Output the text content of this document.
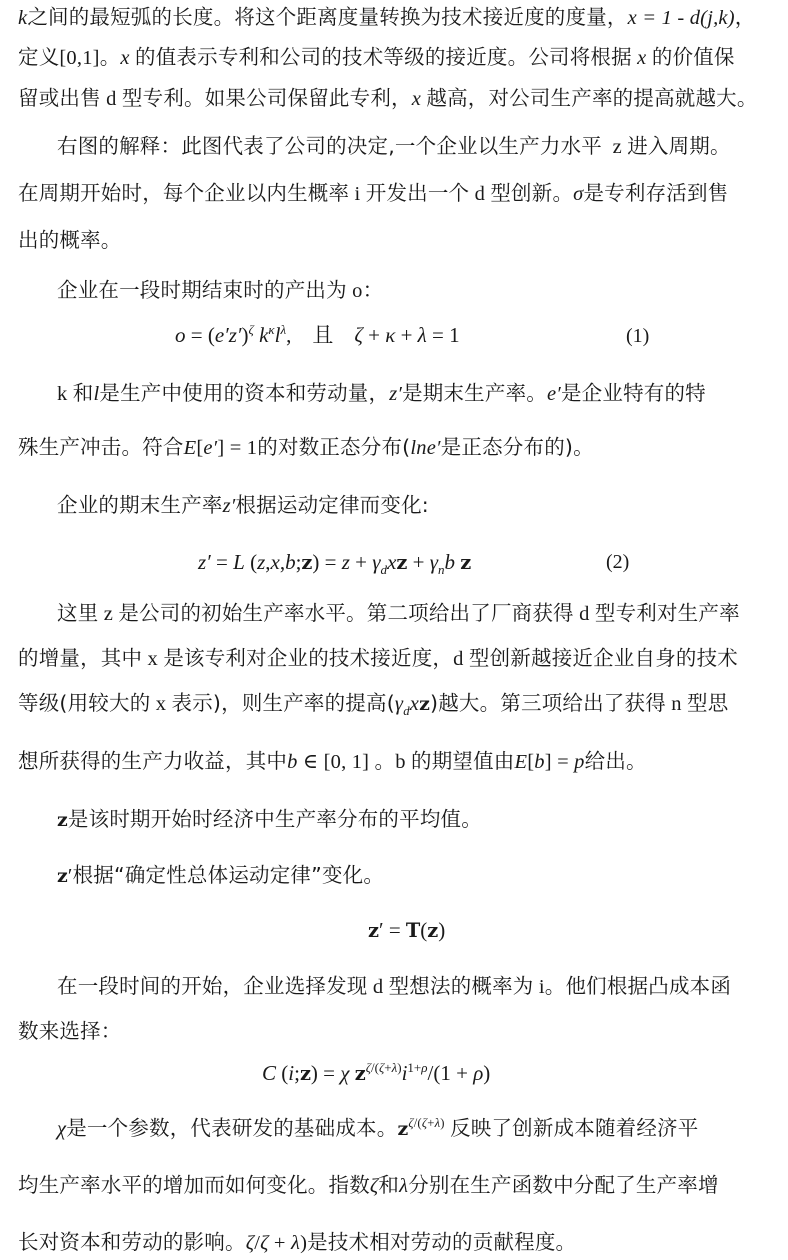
k之间的最短弧的长度。将这个距离度量转换为技术接近度的度量，x = 1 - d(j,k)，
定义[0,1]。x 的值表示专利和公司的技术等级的接近度。公司将根据 x 的价值保
留或出售 d 型专利。如果公司保留此专利，x 越高，对公司生产率的提高就越大。
右图的解释：此图代表了公司的决定,一个企业以生产力水平  z 进入周期。
在周期开始时，每个企业以内生概率 i 开发出一个 d 型创新。σ是专利存活到售
出的概率。
企业在一段时期结束时的产出为 o：
$o = (e'z')^\zeta$ $k^\kappa l^\lambda$,    且 ζ + κ + λ = 1	(1)
k 和l是生产中使用的资本和劳动量，z′是期末生产率。e′是企业特有的特
殊生产冲击。符合E[e′] = 1的对数正态分布(lne′是正态分布的)。
企业的期末生产率z′根据运动定律而变化:
z′ = L (z,x,b;z) = $z + \gamma_dxz + \gamma_nb$ z	(2)
这里 z 是公司的初始生产率水平。第二项给出了厂商获得 d 型专利对生产率
的增量，其中 x 是该专利对企业的技术接近度，d 型创新越接近企业自身的技术
等级(用较大的 x 表示)，则生产率的提高$(\gamma_dxz)$越大。第三项给出了获得 n 型思
想所获得的生产力收益，其中b ∈ [0, 1] 。b 的期望值由E[b] = p给出。
z是该时期开始时经济中生产率分布的平均值。
z′根据“确定性总体运动定律”变化。
z′ = T(z)
在一段时间的开始，企业选择发现 d 型想法的概率为 i。他们根据凸成本函
数来选择：
C (i;z) = χ $z^{\zeta/(\zeta+\lambda)}i^{1+\rho}/(1 + \rho)$
χ是一个参数，代表研发的基础成本。$z^{\zeta/(\zeta+\lambda)}$ 反映了创新成本随着经济平
均生产率水平的增加而如何变化。指数ζ和λ分别在生产函数中分配了生产率增
长对资本和劳动的影响。ζ/ζ + λ)是技术相对劳动的贡献程度。
